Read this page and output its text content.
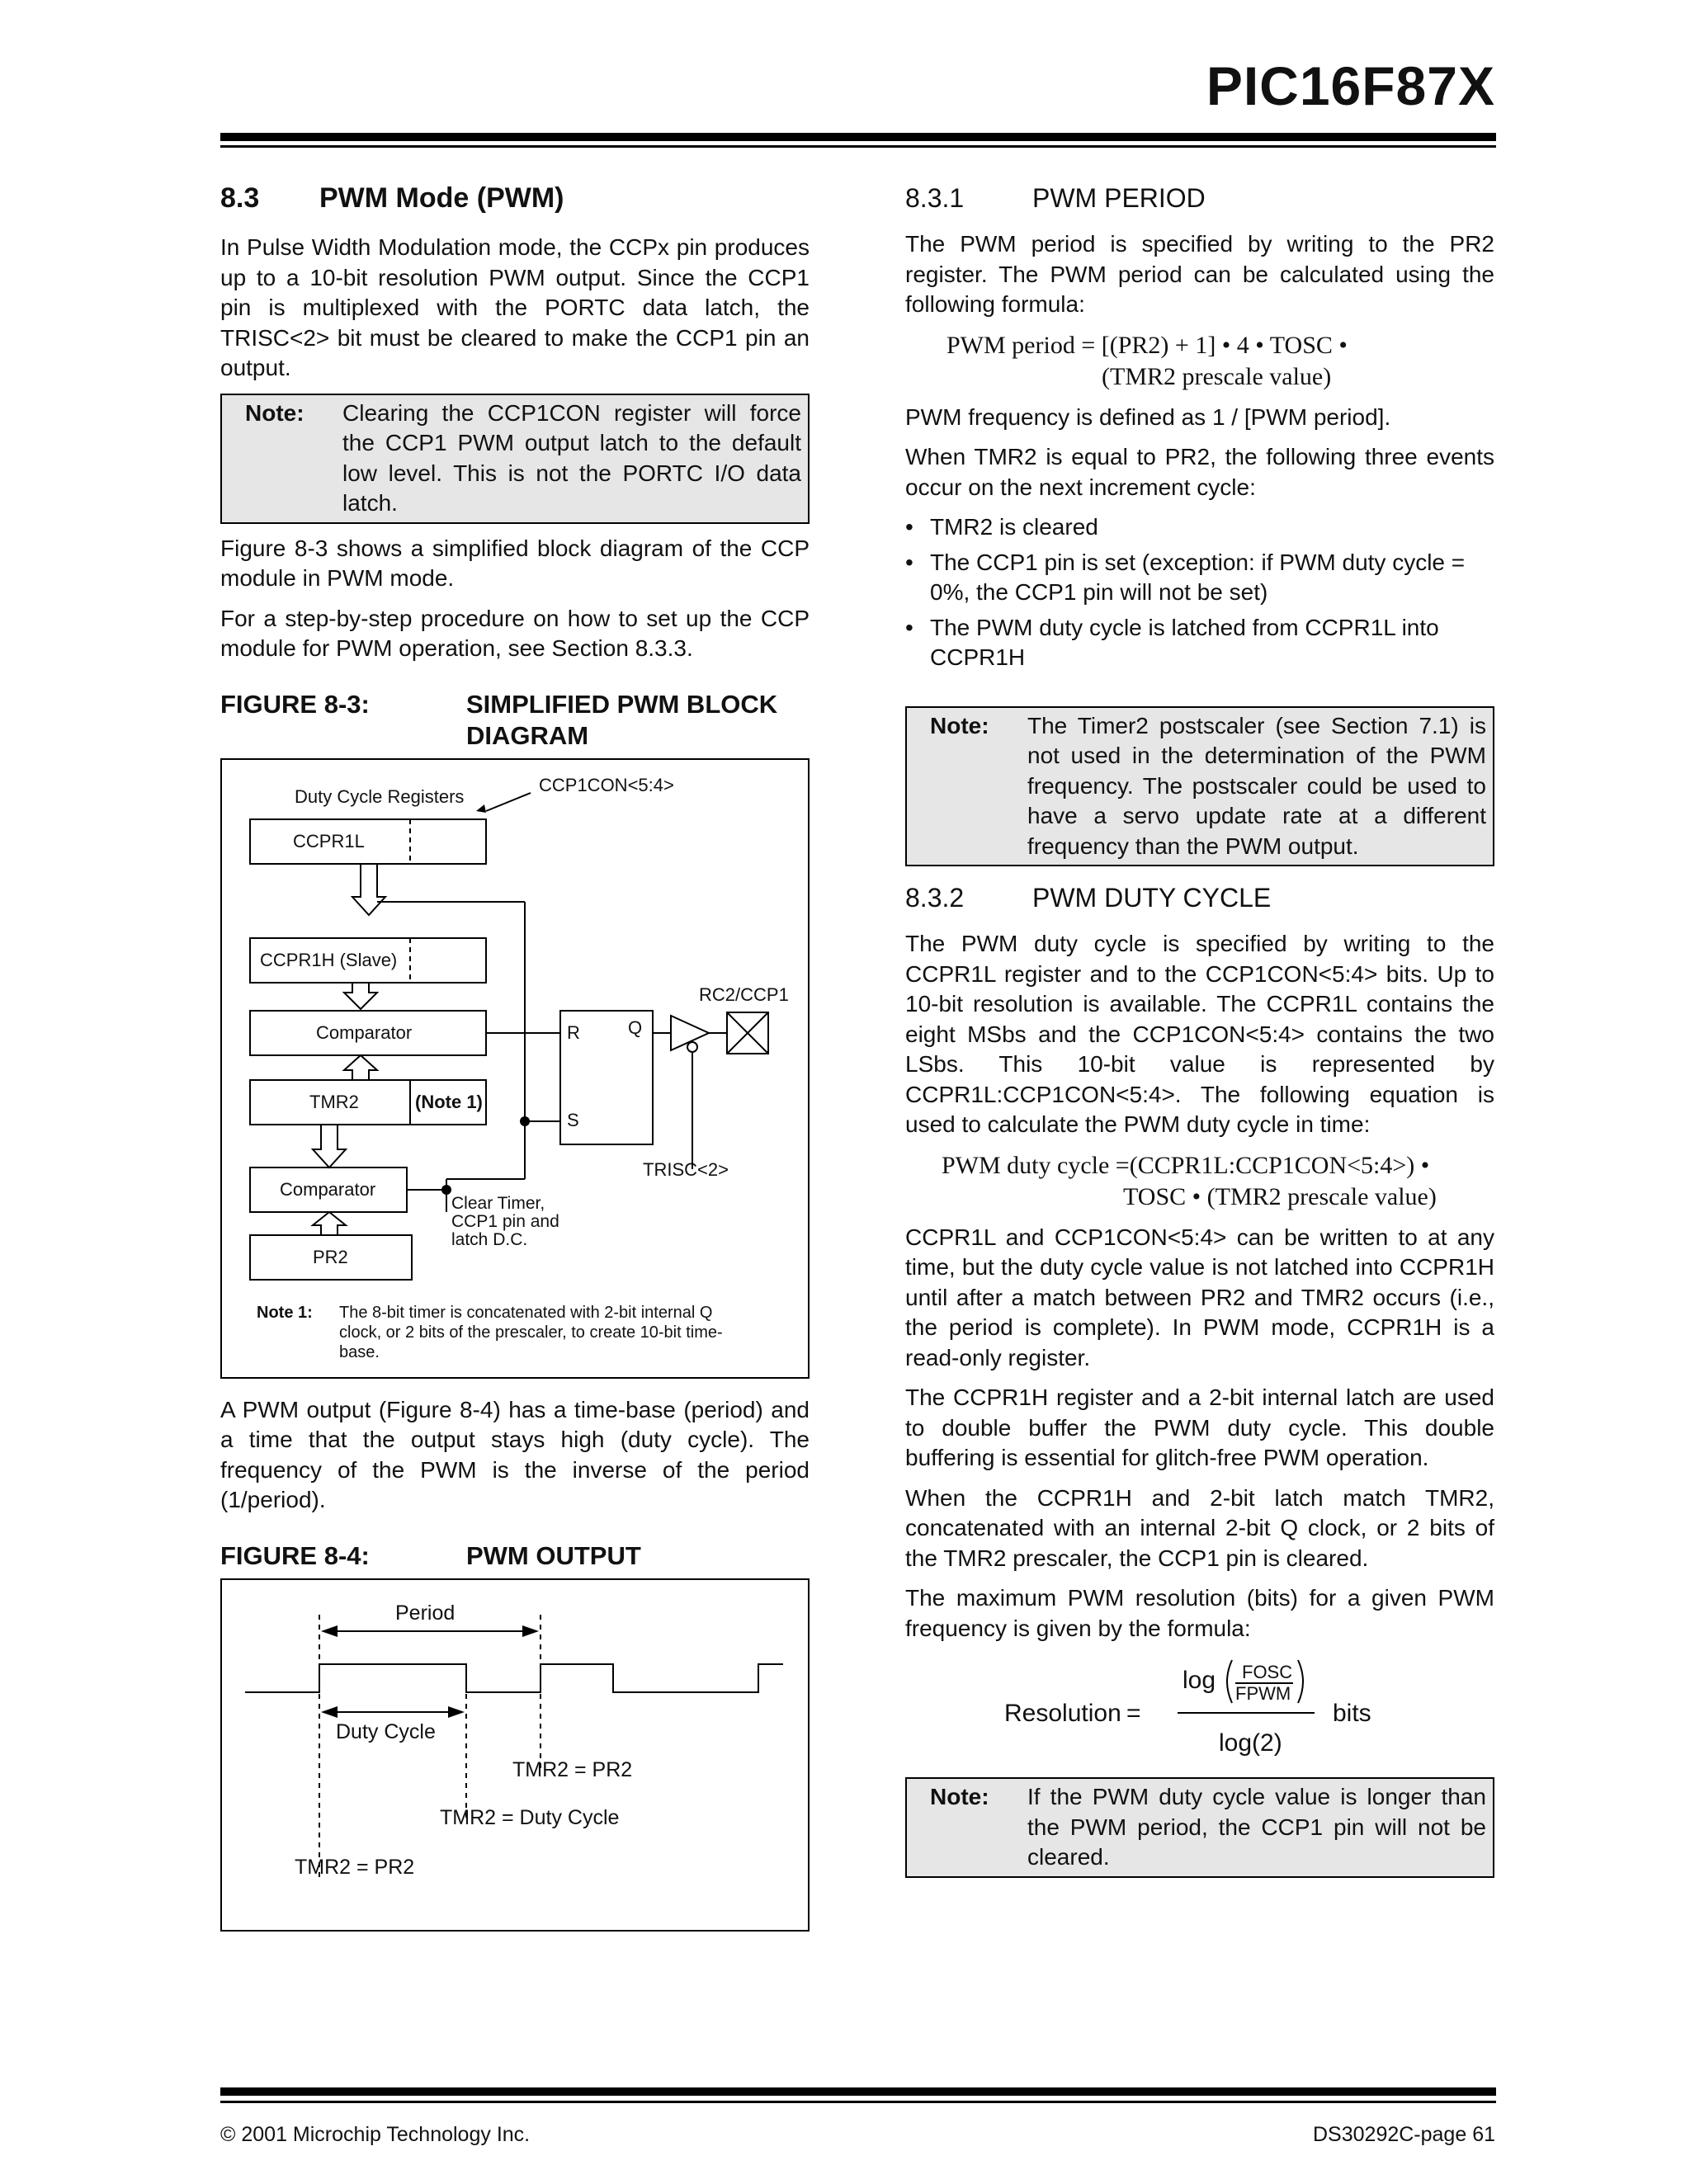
PIC16F87X
8.3	PWM Mode (PWM)

In Pulse Width Modulation mode, the CCPx pin produces up to a 10-bit resolution PWM output. Since the CCP1 pin is multiplexed with the PORTC data latch, the TRISC<2> bit must be cleared to make the CCP1 pin an output.

Note:	Clearing the CCP1CON register will force the CCP1 PWM output latch to the default low level. This is not the PORTC I/O data latch.

Figure 8-3 shows a simplified block diagram of the CCP module in PWM mode.

For a step-by-step procedure on how to set up the CCP module for PWM operation, see Section 8.3.3.

FIGURE 8-3:	SIMPLIFIED PWM BLOCK DIAGRAM
Duty Cycle Registers
CCP1CON<5:4>
CCPR1L
CCPR1H (Slave)
Comparator
TMR2	(Note 1)
Comparator
PR2
R	Q
S
RC2/CCP1
TRISC<2>
Clear Timer,
CCP1 pin and
latch D.C.
Note 1: The 8-bit timer is concatenated with 2-bit internal Q
clock, or 2 bits of the prescaler, to create 10-bit time-
base.

A PWM output (Figure 8-4) has a time-base (period) and a time that the output stays high (duty cycle). The frequency of the PWM is the inverse of the period (1/period).

FIGURE 8-4:	PWM OUTPUT
Period
Duty Cycle
TMR2 = PR2
TMR2 = Duty Cycle
TMR2 = PR2
8.3.1	PWM PERIOD

The PWM period is specified by writing to the PR2 register. The PWM period can be calculated using the following formula:

PWM period = [(PR2) + 1] • 4 • TOSC •
(TMR2 prescale value)

PWM frequency is defined as 1 / [PWM period].

When TMR2 is equal to PR2, the following three events occur on the next increment cycle:

• TMR2 is cleared
• The CCP1 pin is set (exception: if PWM duty cycle = 0%, the CCP1 pin will not be set)
• The PWM duty cycle is latched from CCPR1L into CCPR1H
Note:	The Timer2 postscaler (see Section 7.1) is not used in the determination of the PWM frequency. The postscaler could be used to have a servo update rate at a different frequency than the PWM output.
8.3.2	PWM DUTY CYCLE

The PWM duty cycle is specified by writing to the CCPR1L register and to the CCP1CON<5:4> bits. Up to 10-bit resolution is available. The CCPR1L contains the eight MSbs and the CCP1CON<5:4> contains the two LSbs. This 10-bit value is represented by CCPR1L:CCP1CON<5:4>. The following equation is used to calculate the PWM duty cycle in time:

PWM duty cycle =(CCPR1L:CCP1CON<5:4>) •
TOSC • (TMR2 prescale value)

CCPR1L and CCP1CON<5:4> can be written to at any time, but the duty cycle value is not latched into CCPR1H until after a match between PR2 and TMR2 occurs (i.e., the period is complete). In PWM mode, CCPR1H is a read-only register.

The CCPR1H register and a 2-bit internal latch are used to double buffer the PWM duty cycle. This double buffering is essential for glitch-free PWM operation.

When the CCPR1H and 2-bit latch match TMR2, concatenated with an internal 2-bit Q clock, or 2 bits of the TMR2 prescaler, the CCP1 pin is cleared.

The maximum PWM resolution (bits) for a given PWM frequency is given by the formula:

Resolution =
log FOSC
FPWM
log(2)
bits
Note:	If the PWM duty cycle value is longer than the PWM period, the CCP1 pin will not be cleared.
© 2001 Microchip Technology Inc.	DS30292C-page 61
